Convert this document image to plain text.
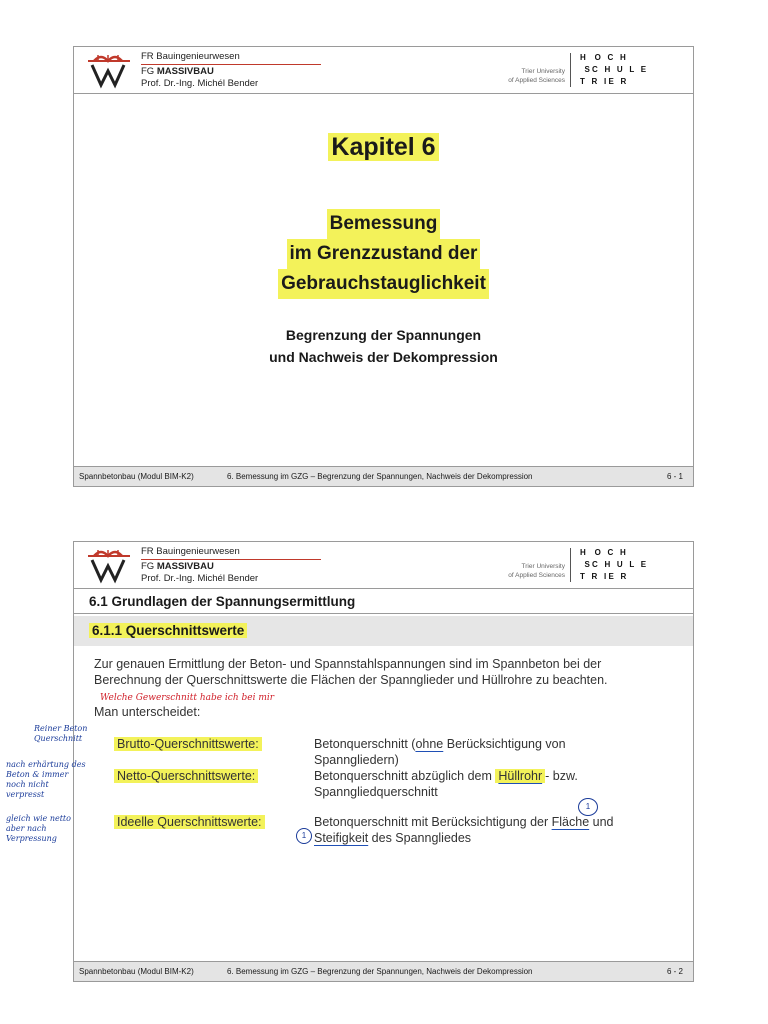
FR Bauingenieurwesen
FG MASSIVBAU
Prof. Dr.-Ing. Michél Bender
Trier University
of Applied Sciences
H    O   C   H
S C   H   U   L   E
T   R   I E   R
Kapitel 6
Bemessung
im Grenzzustand der
Gebrauchstauglichkeit
Begrenzung der Spannungen
und Nachweis der Dekompression
Spannbetonbau (Modul BIM-K2)	6. Bemessung im GZG – Begrenzung der Spannungen, Nachweis der Dekompression	6 - 1
FR Bauingenieurwesen
FG MASSIVBAU
Prof. Dr.-Ing. Michél Bender
Trier University
of Applied Sciences
H    O   C   H
S C   H   U   L   E
T   R   I E   R
6.1 Grundlagen der Spannungsermittlung
6.1.1 Querschnittswerte
Zur genauen Ermittlung der Beton- und Spannstahlspannungen sind im Spannbeton bei der
Berechnung der Querschnittswerte die Flächen der Spannglieder und Hüllrohre zu beachten.
Welche Gewerschnitt habe ich bei mir
Man unterscheidet:
Brutto-Querschnittswerte:	Betonquerschnitt (ohne Berücksichtigung von Spanngliedern)
Netto-Querschnittswerte:	Betonquerschnitt abzüglich dem Hüllrohr - bzw. Spanngliedquerschnitt
Ideelle Querschnittswerte:	Betonquerschnitt mit Berücksichtigung der Fläche und Steifigkeit des Spanngliedes
1
1
Spannbetonbau (Modul BIM-K2)	6. Bemessung im GZG – Begrenzung der Spannungen, Nachweis der Dekompression	6 - 2
Reiner Beton Querschnitt
nach erhärtung des Beton & immer noch nicht verpresst
gleich wie netto aber nach Verpressung
